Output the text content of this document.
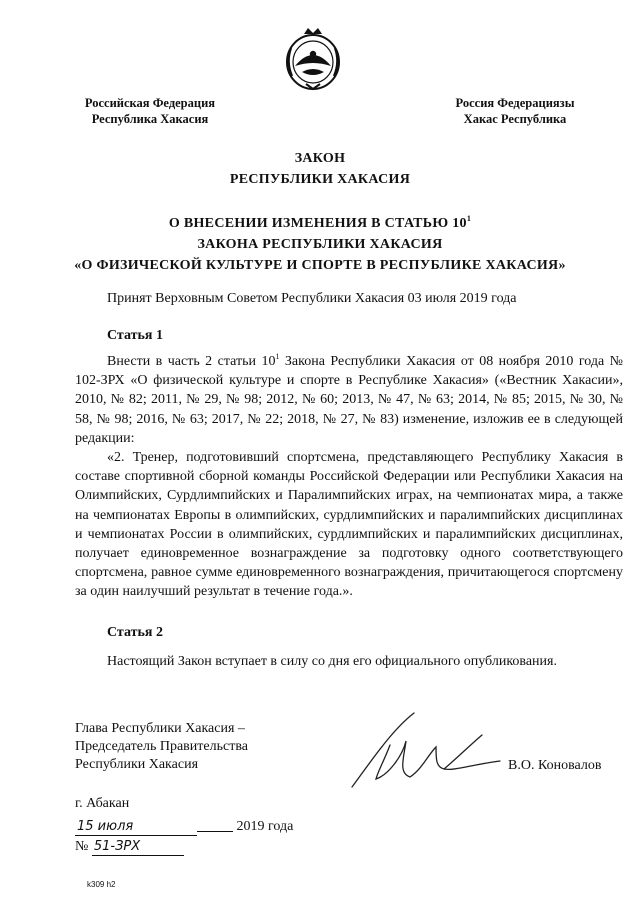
Российская Федерация
Республика Хакасия
Россия Федерациязы
Хакас Республика
ЗАКОН
РЕСПУБЛИКИ ХАКАСИЯ
О ВНЕСЕНИИ ИЗМЕНЕНИЯ В СТАТЬЮ $10^1$
ЗАКОНА РЕСПУБЛИКИ ХАКАСИЯ
«О ФИЗИЧЕСКОЙ КУЛЬТУРЕ И СПОРТЕ В РЕСПУБЛИКЕ ХАКАСИЯ»
Принят Верховным Советом Республики Хакасия 03 июля 2019 года
Статья 1

Внести в часть 2 статьи $10^1$ Закона Республики Хакасия от 08 ноября 2010 года № 102-ЗРХ «О физической культуре и спорте в Республике Хакасия» («Вестник Хакасии», 2010, № 82; 2011, № 29, № 98; 2012, № 60; 2013, № 47, № 63; 2014, № 85; 2015, № 30, № 58, № 98; 2016, № 63; 2017, № 22; 2018, № 27, № 83) изменение, изложив ее в следующей редакции:

«2. Тренер, подготовивший спортсмена, представляющего Республику Хакасия в составе спортивной сборной команды Российской Федерации или Республики Хакасия на Олимпийских, Сурдлимпийских и Паралимпийских играх, на чемпионатах мира, а также на чемпионатах Европы в олимпийских, сурдлимпийских и паралимпийских дисциплинах и чемпионатах России в олимпийских, сурдлимпийских и паралимпийских дисциплинах, получает единовременное вознаграждение за подготовку одного соответствующего спортсмена, равное сумме единовременного вознаграждения, причитающегося спортсмену за один наилучший результат в течение года.».

Статья 2

Настоящий Закон вступает в силу со дня его официального опубликования.

Глава Республики Хакасия –
Председатель Правительства
Республики Хакасия	В.О. Коновалов
г. Абакан
15 июля	2019 года
№ 51-ЗРХ
k309 h2
